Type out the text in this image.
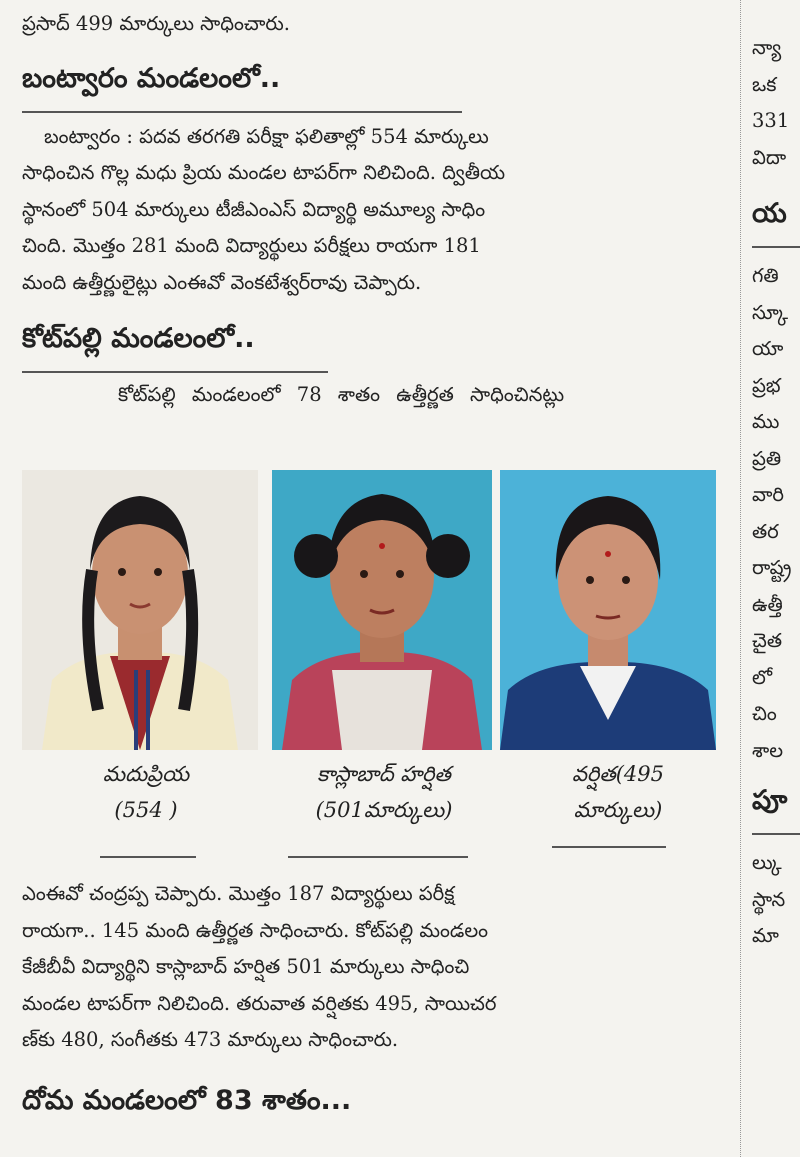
ప్రసాద్ 499 మార్కులు సాధించారు.

బంట్వారం మండలంలో..

బంట్వారం : పదవ తరగతి పరీక్షా ఫలితాల్లో 554 మార్కులు

సాధించిన గొల్ల మధు ప్రియ మండల టాపర్‌గా నిలిచింది. ద్వితీయ

స్థానంలో 504 మార్కులు టీజీఎంఎస్ విద్యార్థి అమూల్య సాధిం

చింది. మొత్తం 281 మంది విద్యార్థులు పరీక్షలు రాయగా 181

మంది ఉత్తీర్ణులైట్లు ఎంఈవో వెంకటేశ్వర్‌రావు చెప్పారు.

కోట్‌పల్లి మండలంలో..

కోట్‌పల్లి మండలంలో 78 శాతం ఉత్తీర్ణత సాధించినట్లు

మదుప్రియ
(554 )
కాస్లాబాద్ హర్షిత
(501మార్కులు)
వర్షిత(495
మార్కులు)

ఎంఈవో చంద్రప్ప చెప్పారు. మొత్తం 187 విద్యార్థులు పరీక్ష

రాయగా.. 145 మంది ఉత్తీర్ణత సాధించారు. కోట్‌పల్లి మండలం

కేజీబీవీ విద్యార్థిని కాస్లాబాద్ హర్షిత 501 మార్కులు సాధించి

మండల టాపర్‌గా నిలిచింది. తరువాత వర్షితకు 495, సాయిచర

ణ్‌కు 480, సంగీతకు 473 మార్కులు సాధించారు.

దోమ మండలంలో 83 శాతం...

న్యా

ఒక

331

విదా

య

గతి

స్కూ

యా

ప్రభ

ము

ప్రతి

వారి

తర

రాష్ట్ర

ఉత్తీ

చైత

లో

చిం

శాల

పూ

ల్కు

స్థాన

మా
